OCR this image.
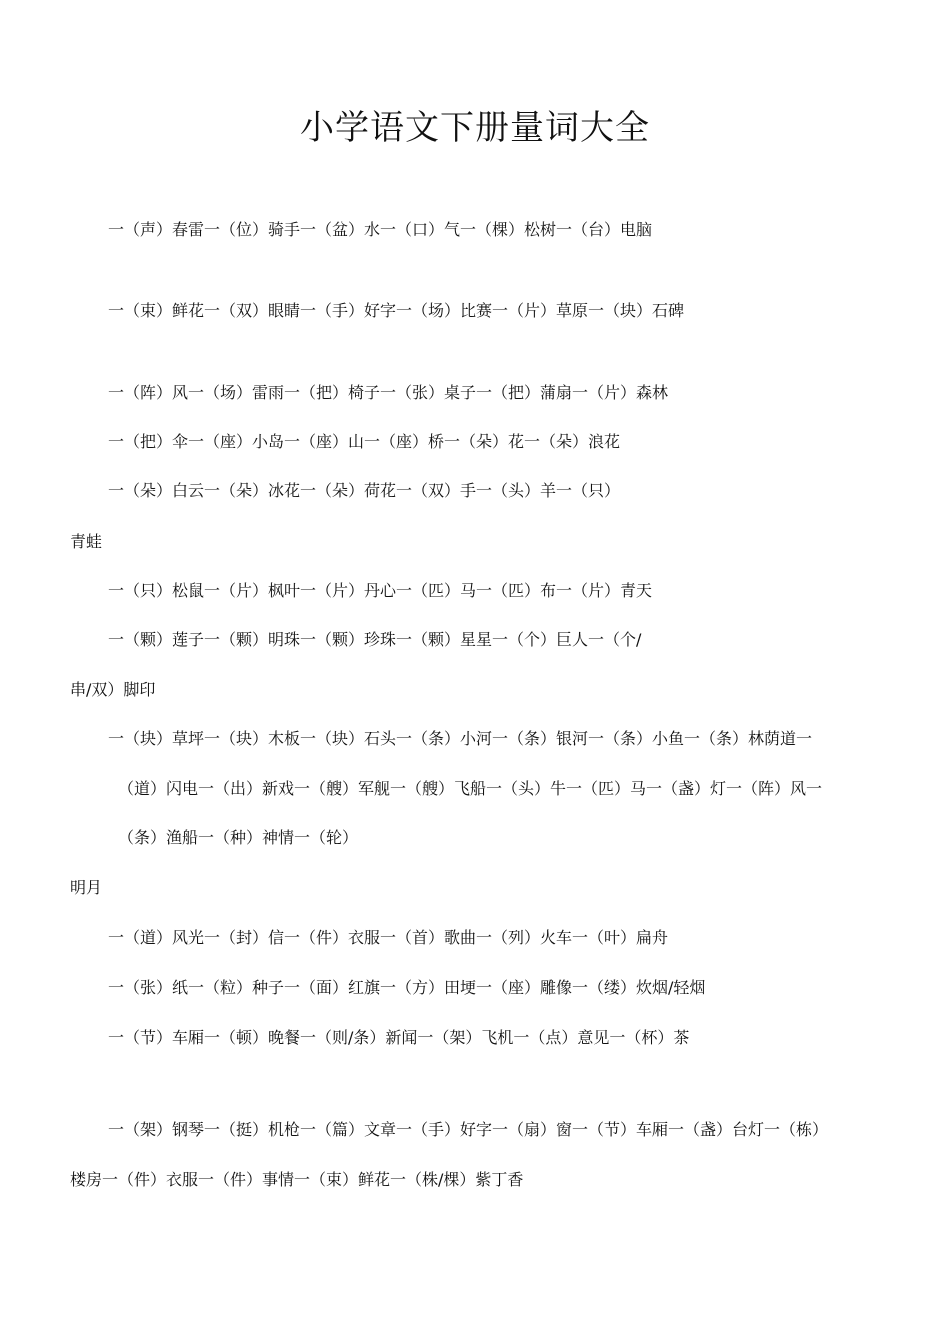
小学语文下册量词大全
一（声）春雷一（位）骑手一（盆）水一（口）气一（棵）松树一（台）电脑
一（束）鲜花一（双）眼睛一（手）好字一（场）比赛一（片）草原一（块）石碑
一（阵）风一（场）雷雨一（把）椅子一（张）桌子一（把）蒲扇一（片）森林
一（把）伞一（座）小岛一（座）山一（座）桥一（朵）花一（朵）浪花
一（朵）白云一（朵）冰花一（朵）荷花一（双）手一（头）羊一（只）
青蛙
一（只）松鼠一（片）枫叶一（片）丹心一（匹）马一（匹）布一（片）青天
一（颗）莲子一（颗）明珠一（颗）珍珠一（颗）星星一（个）巨人一（个/
串/双）脚印
一（块）草坪一（块）木板一（块）石头一（条）小河一（条）银河一（条）小鱼一（条）林荫道一
（道）闪电一（出）新戏一（艘）军舰一（艘）飞船一（头）牛一（匹）马一（盏）灯一（阵）风一
（条）渔船一（种）神情一（轮）
明月
一（道）风光一（封）信一（件）衣服一（首）歌曲一（列）火车一（叶）扁舟
一（张）纸一（粒）种子一（面）红旗一（方）田埂一（座）雕像一（缕）炊烟/轻烟
一（节）车厢一（顿）晚餐一（则/条）新闻一（架）飞机一（点）意见一（杯）茶
一（架）钢琴一（挺）机枪一（篇）文章一（手）好字一（扇）窗一（节）车厢一（盏）台灯一（栋）
楼房一（件）衣服一（件）事情一（束）鲜花一（株/棵）紫丁香
